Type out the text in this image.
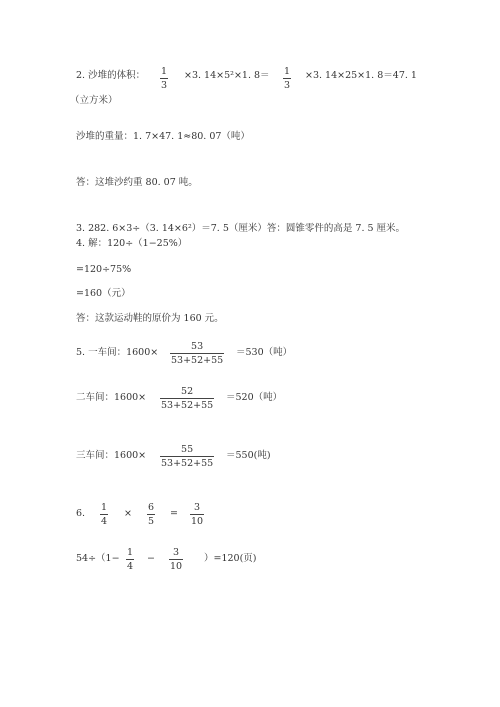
2. 沙堆的体积： 1
3
×3. 14×5²×1. 8＝ 1
3
×3. 14×25×1. 8＝47. 1
（立方米）
沙堆的重量：1. 7×47. 1≈80. 07（吨）
答：这堆沙约重 80. 07 吨。
3. 282. 6×3÷（3. 14×6²）＝7. 5（厘米）答：圆锥零件的高是 7. 5 厘米。
4. 解：120÷（1−25%）
=120÷75%
=160（元）
答：这款运动鞋的原价为 160 元。
5. 一车间：1600×
53
53+52+55
＝530（吨）
二车间：1600×
52
53+52+55
＝520（吨）
三车间：1600×
55
53+52+55
＝550(吨)
6.
1
4
×
6
5
=
3
10
54÷（1−
1
4
−
3
10
）=120(页)
